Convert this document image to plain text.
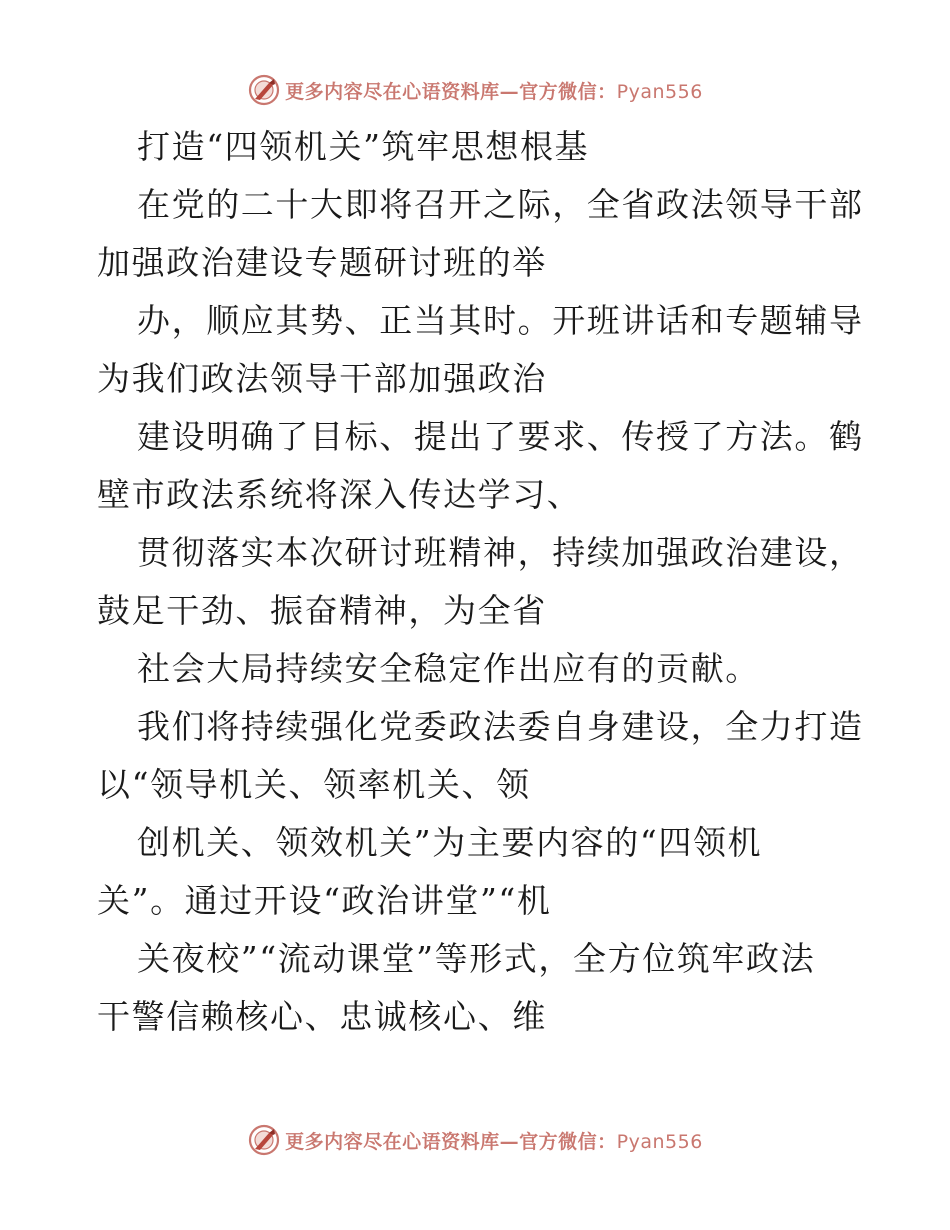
更多内容尽在心语资料库—官方微信：Pyan556
打造“四领机关”筑牢思想根基
在党的二十大即将召开之际，全省政法领导干部
加强政治建设专题研讨班的举
办，顺应其势、正当其时。开班讲话和专题辅导
为我们政法领导干部加强政治
建设明确了目标、提出了要求、传授了方法。鹤
壁市政法系统将深入传达学习、
贯彻落实本次研讨班精神，持续加强政治建设，
鼓足干劲、振奋精神，为全省
社会大局持续安全稳定作出应有的贡献。
我们将持续强化党委政法委自身建设，全力打造
以“领导机关、领率机关、领
创机关、领效机关”为主要内容的“四领机
关”。通过开设“政治讲堂”“机
关夜校”“流动课堂”等形式，全方位筑牢政法
干警信赖核心、忠诚核心、维
更多内容尽在心语资料库—官方微信：Pyan556
